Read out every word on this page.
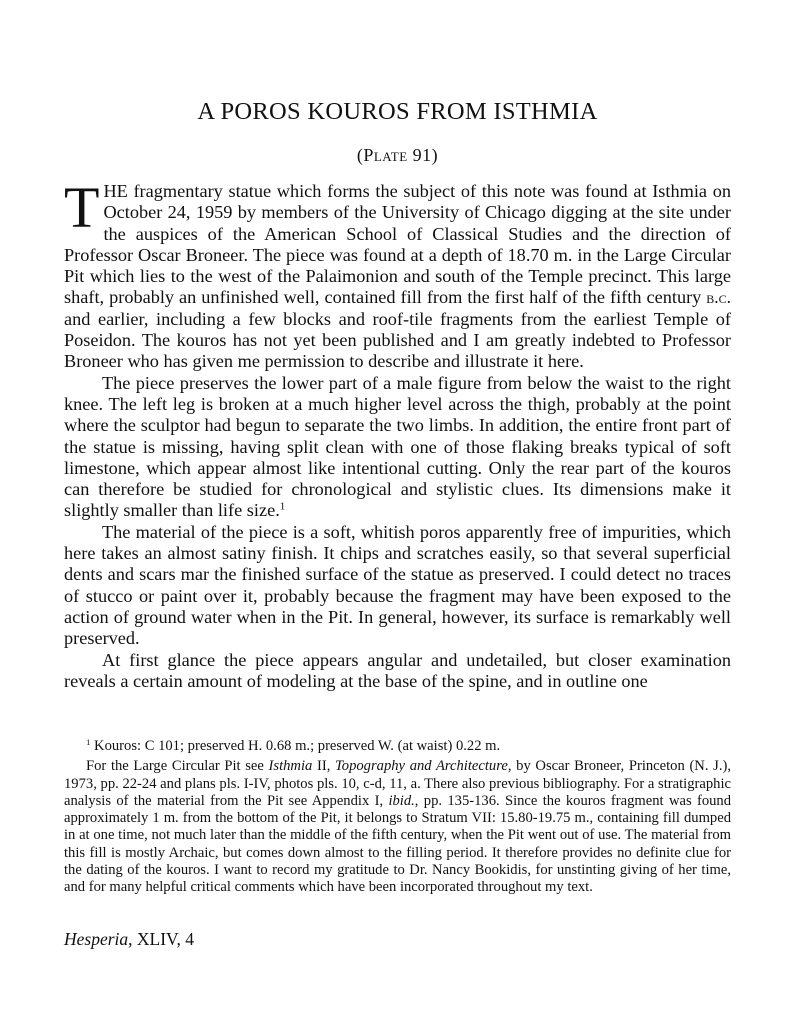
A POROS KOUROS FROM ISTHMIA
(Plate 91)

THE fragmentary statue which forms the subject of this note was found at Isthmia on October 24, 1959 by members of the University of Chicago digging at the site under the auspices of the American School of Classical Studies and the direction of Professor Oscar Broneer. The piece was found at a depth of 18.70 m. in the Large Circular Pit which lies to the west of the Palaimonion and south of the Temple precinct. This large shaft, probably an unfinished well, contained fill from the first half of the fifth century b.c. and earlier, including a few blocks and roof-tile fragments from the earliest Temple of Poseidon. The kouros has not yet been published and I am greatly indebted to Professor Broneer who has given me permission to describe and illustrate it here.

The piece preserves the lower part of a male figure from below the waist to the right knee. The left leg is broken at a much higher level across the thigh, probably at the point where the sculptor had begun to separate the two limbs. In addition, the entire front part of the statue is missing, having split clean with one of those flaking breaks typical of soft limestone, which appear almost like intentional cutting. Only the rear part of the kouros can therefore be studied for chronological and stylistic clues. Its dimensions make it slightly smaller than life size.$^1$

The material of the piece is a soft, whitish poros apparently free of impurities, which here takes an almost satiny finish. It chips and scratches easily, so that several superficial dents and scars mar the finished surface of the statue as preserved. I could detect no traces of stucco or paint over it, probably because the fragment may have been exposed to the action of ground water when in the Pit. In general, however, its surface is remarkably well preserved.

At first glance the piece appears angular and undetailed, but closer examination reveals a certain amount of modeling at the base of the spine, and in outline one

$^1$ Kouros: C 101; preserved H. 0.68 m.; preserved W. (at waist) 0.22 m.

For the Large Circular Pit see Isthmia II, Topography and Architecture, by Oscar Broneer, Princeton (N. J.), 1973, pp. 22-24 and plans pls. I-IV, photos pls. 10, c-d, 11, a. There also previous bibliography. For a stratigraphic analysis of the material from the Pit see Appendix I, ibid., pp. 135-136. Since the kouros fragment was found approximately 1 m. from the bottom of the Pit, it belongs to Stratum VII: 15.80-19.75 m., containing fill dumped in at one time, not much later than the middle of the fifth century, when the Pit went out of use. The material from this fill is mostly Archaic, but comes down almost to the filling period. It therefore provides no definite clue for the dating of the kouros. I want to record my gratitude to Dr. Nancy Bookidis, for unstinting giving of her time, and for many helpful critical comments which have been incorporated throughout my text.

Hesperia, XLIV, 4
